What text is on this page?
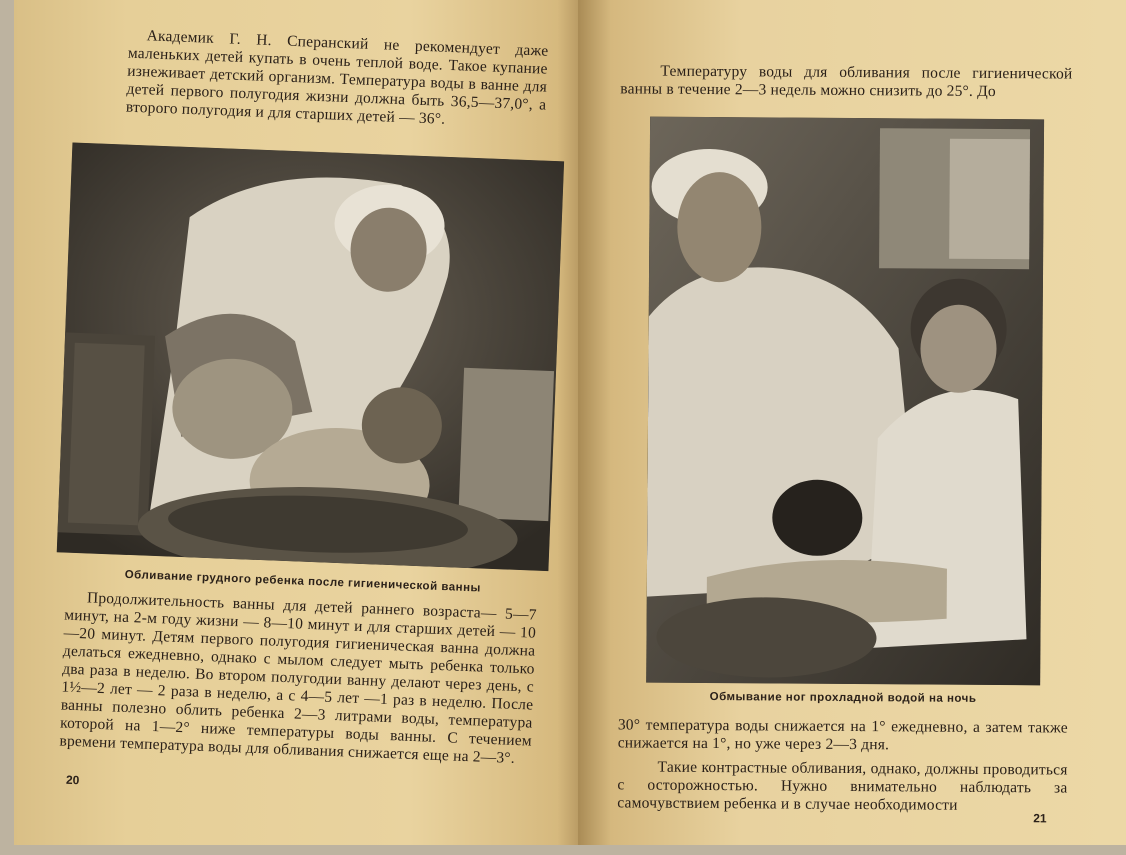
Академик Г. Н. Сперанский не рекомендует даже маленьких детей купать в очень теплой воде. Такое купание изнеживает детский организм. Температура воды в ванне для детей первого полугодия жизни должна быть 36,5—37,0°, а второго полугодия и для старших детей — 36°.
Обливание грудного ребенка после гигиенической ванны
Продолжительность ванны для детей раннего возраста— 5—7 минут, на 2-м году жизни — 8—10 минут и для старших детей — 10—20 минут. Детям первого полугодия гигиеническая ванна должна делаться ежедневно, однако с мылом следует мыть ребенка только два раза в неделю. Во втором полугодии ванну делают через день, с 1½—2 лет — 2 раза в неделю, а с 4—5 лет —1 раз в неделю. После ванны полезно облить ребенка 2—3 литрами воды, температура которой на 1—2° ниже температуры воды ванны. С течением времени температура воды для обливания снижается еще на 2—3°.
20
Температуру воды для обливания после гигиенической ванны в течение 2—3 недель можно снизить до 25°. До
Обмывание ног прохладной водой на ночь
30° температура воды снижается на 1° ежедневно, а затем также снижается на 1°, но уже через 2—3 дня.
Такие контрастные обливания, однако, должны проводиться с осторожностью. Нужно внимательно наблюдать за самочувствием ребенка и в случае необходимости
21
